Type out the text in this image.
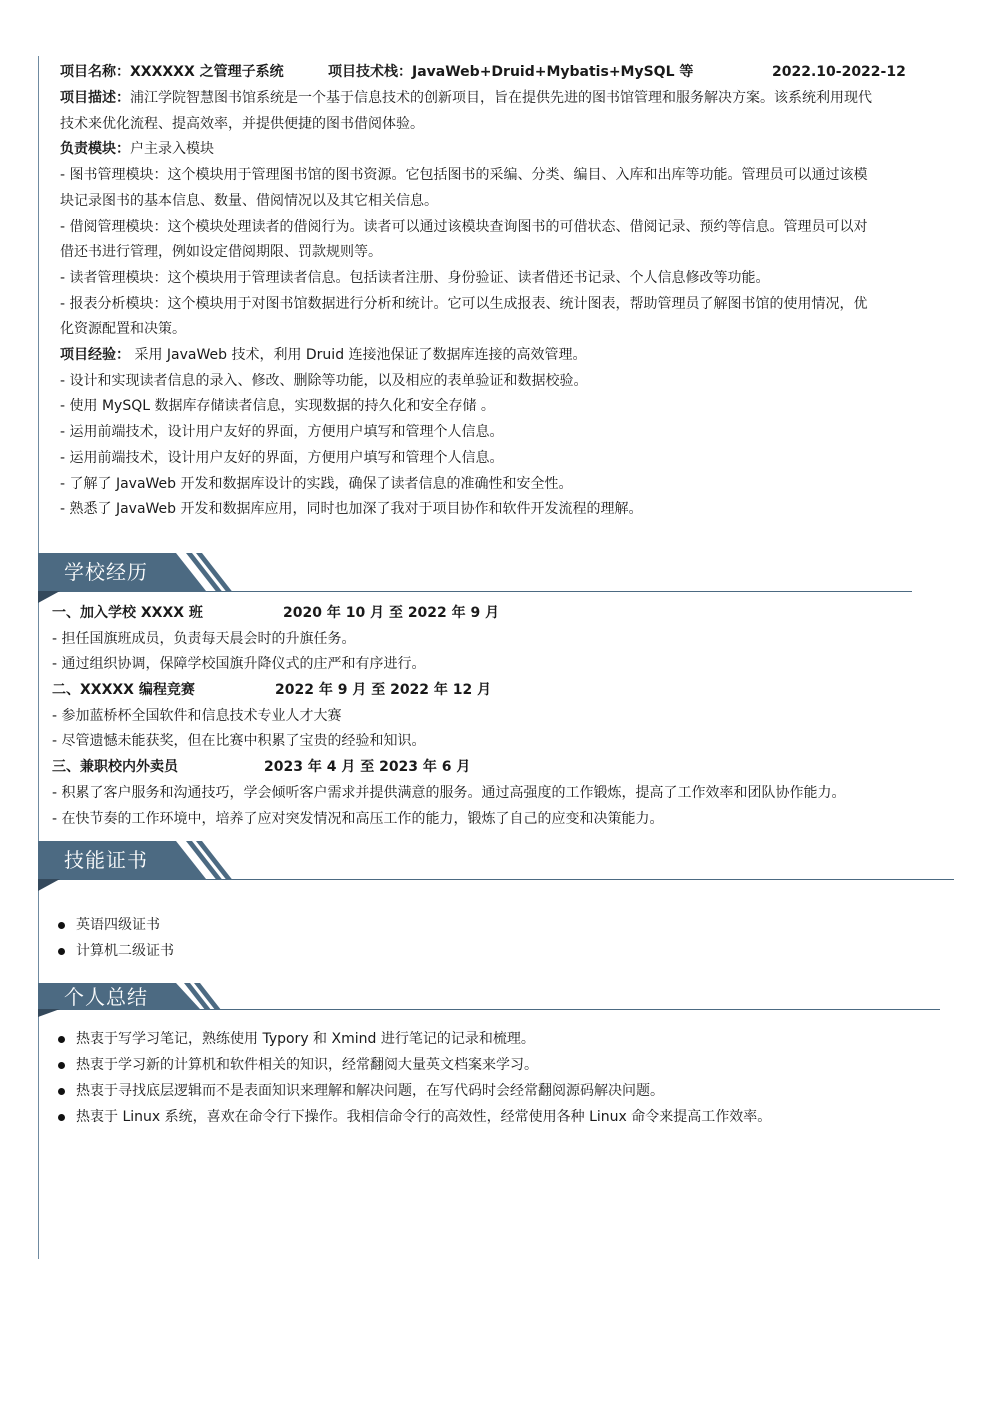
项目名称：XXXXXX 之管理子系统	项目技术栈：JavaWeb+Druid+Mybatis+MySQL 等	2022.10-2022-12
项目描述：浦江学院智慧图书馆系统是一个基于信息技术的创新项目，旨在提供先进的图书馆管理和服务解决方案。该系统利用现代
技术来优化流程、提高效率，并提供便捷的图书借阅体验。
负责模块：户主录入模块
- 图书管理模块：这个模块用于管理图书馆的图书资源。它包括图书的采编、分类、编目、入库和出库等功能。管理员可以通过该模
块记录图书的基本信息、数量、借阅情况以及其它相关信息。
- 借阅管理模块：这个模块处理读者的借阅行为。读者可以通过该模块查询图书的可借状态、借阅记录、预约等信息。管理员可以对
借还书进行管理，例如设定借阅期限、罚款规则等。
- 读者管理模块：这个模块用于管理读者信息。包括读者注册、身份验证、读者借还书记录、个人信息修改等功能。
- 报表分析模块：这个模块用于对图书馆数据进行分析和统计。它可以生成报表、统计图表，帮助管理员了解图书馆的使用情况，优
化资源配置和决策。
项目经验： 采用 JavaWeb 技术，利用 Druid 连接池保证了数据库连接的高效管理。
- 设计和实现读者信息的录入、修改、删除等功能，以及相应的表单验证和数据校验。
- 使用 MySQL 数据库存储读者信息，实现数据的持久化和安全存储 。
- 运用前端技术，设计用户友好的界面，方便用户填写和管理个人信息。
- 运用前端技术，设计用户友好的界面，方便用户填写和管理个人信息。
- 了解了 JavaWeb 开发和数据库设计的实践，确保了读者信息的准确性和安全性。
- 熟悉了 JavaWeb 开发和数据库应用，同时也加深了我对于项目协作和软件开发流程的理解。
学校经历
一、加入学校 XXXX 班	2020 年 10 月 至 2022 年 9 月
- 担任国旗班成员，负责每天晨会时的升旗任务。
- 通过组织协调，保障学校国旗升降仪式的庄严和有序进行。
二、XXXXX 编程竞赛	2022 年 9 月 至 2022 年 12 月
- 参加蓝桥杯全国软件和信息技术专业人才大赛
- 尽管遗憾未能获奖，但在比赛中积累了宝贵的经验和知识。
三、兼职校内外卖员	2023 年 4 月 至 2023 年 6 月
- 积累了客户服务和沟通技巧，学会倾听客户需求并提供满意的服务。通过高强度的工作锻炼，提高了工作效率和团队协作能力。
- 在快节奏的工作环境中，培养了应对突发情况和高压工作的能力，锻炼了自己的应变和决策能力。
技能证书
英语四级证书
计算机二级证书
个人总结
热衷于写学习笔记，熟练使用 Typory 和 Xmind 进行笔记的记录和梳理。
热衷于学习新的计算机和软件相关的知识，经常翻阅大量英文档案来学习。
热衷于寻找底层逻辑而不是表面知识来理解和解决问题，在写代码时会经常翻阅源码解决问题。
热衷于 Linux 系统，喜欢在命令行下操作。我相信命令行的高效性，经常使用各种 Linux 命令来提高工作效率。
